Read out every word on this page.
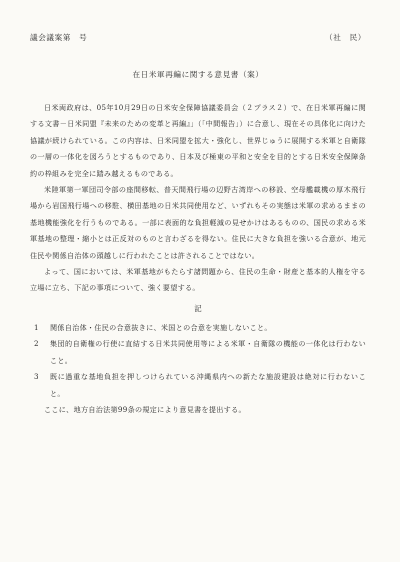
議会議案第　号	（社　民）
在日米軍再編に関する意見書（案）

日米両政府は、05年10月29日の日米安全保障協議委員会（２プラス２）で、在日米軍再編に関する文書－日米同盟『未来のための変革と再編』」（「中間報告」）に合意し、現在その具体化に向けた協議が続けられている。この内容は、日米同盟を拡大・強化し、世界じゅうに展開する米軍と自衛隊の一層の一体化を図ろうとするものであり、日本及び極東の平和と安全を目的とする日米安全保障条約の枠組みを完全に踏み越えるものである。

米陸軍第一軍団司令部の座間移転、普天間飛行場の辺野古湾岸への移設、空母艦載機の厚木飛行場から岩国飛行場への移駐、横田基地の日米共同使用など、いずれもその実態は米軍の求めるままの基地機能強化を行うものである。一部に表面的な負担軽減の見せかけはあるものの、国民の求める米軍基地の整理・縮小とは正反対のものと言わざるを得ない。住民に大きな負担を強いる合意が、地元住民や関係自治体の頭越しに行われたことは許されることではない。

よって、国においては、米軍基地がもたらす諸問題から、住民の生命・財産と基本的人権を守る立場に立ち、下記の事項について、強く要望する。

記
1	関係自治体・住民の合意抜きに、米国との合意を実施しないこと。
2	集団的自衛権の行使に直結する日米共同使用等による米軍・自衛隊の機能の一体化は行わないこと。
3	既に過重な基地負担を押しつけられている沖縄県内への新たな施設建設は絶対に行わないこと。

ここに、地方自治法第99条の規定により意見書を提出する。
